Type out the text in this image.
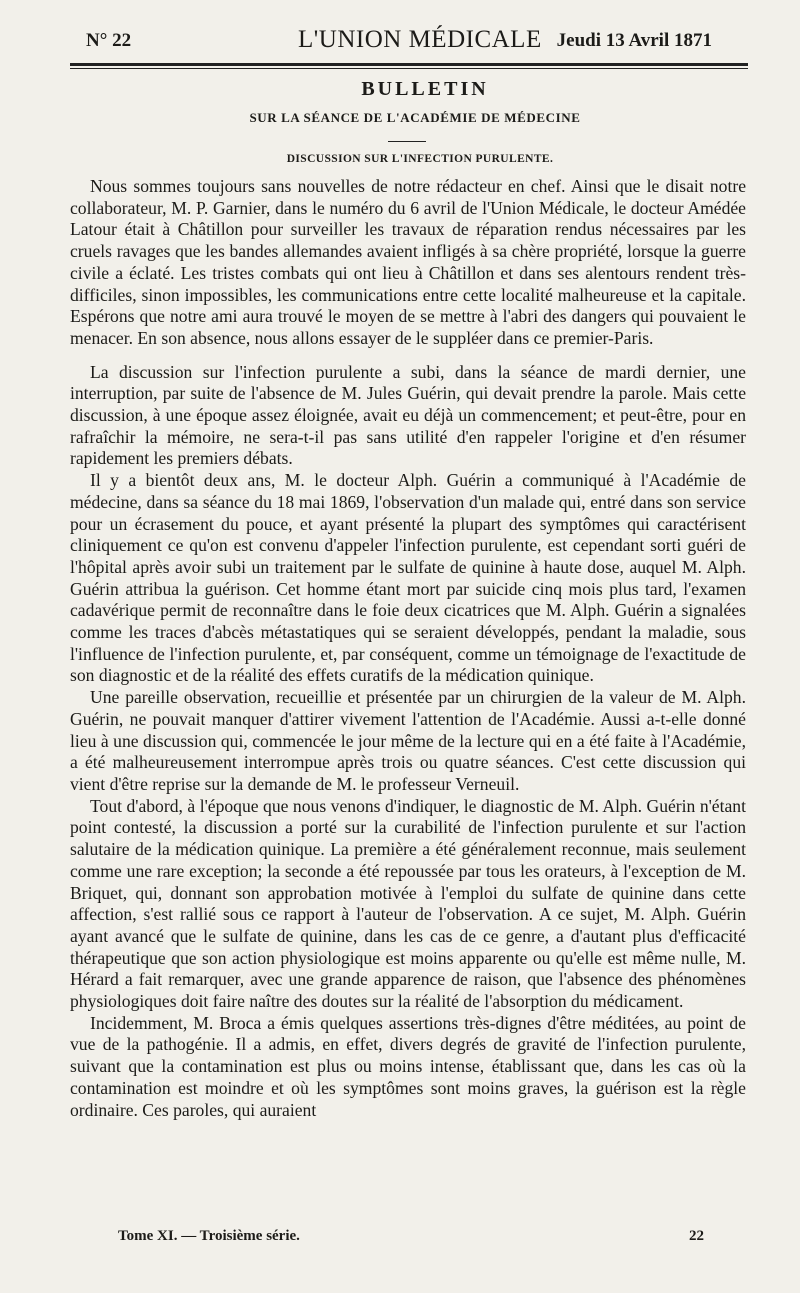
N° 22	L'UNION MÉDICALE Jeudi 13 Avril 1871
BULLETIN
SUR LA SÉANCE DE L'ACADÉMIE DE MÉDECINE
DISCUSSION SUR L'INFECTION PURULENTE.

Nous sommes toujours sans nouvelles de notre rédacteur en chef. Ainsi que le disait notre collaborateur, M. P. Garnier, dans le numéro du 6 avril de l'Union Médicale, le docteur Amédée Latour était à Châtillon pour surveiller les travaux de réparation rendus nécessaires par les cruels ravages que les bandes allemandes avaient infligés à sa chère propriété, lorsque la guerre civile a éclaté. Les tristes combats qui ont lieu à Châtillon et dans ses alentours rendent très-difficiles, sinon impossibles, les communications entre cette localité malheureuse et la capitale. Espérons que notre ami aura trouvé le moyen de se mettre à l'abri des dangers qui pouvaient le menacer. En son absence, nous allons essayer de le suppléer dans ce premier-Paris.

La discussion sur l'infection purulente a subi, dans la séance de mardi dernier, une interruption, par suite de l'absence de M. Jules Guérin, qui devait prendre la parole. Mais cette discussion, à une époque assez éloignée, avait eu déjà un commencement; et peut-être, pour en rafraîchir la mémoire, ne sera-t-il pas sans utilité d'en rappeler l'origine et d'en résumer rapidement les premiers débats.

Il y a bientôt deux ans, M. le docteur Alph. Guérin a communiqué à l'Académie de médecine, dans sa séance du 18 mai 1869, l'observation d'un malade qui, entré dans son service pour un écrasement du pouce, et ayant présenté la plupart des symptômes qui caractérisent cliniquement ce qu'on est convenu d'appeler l'infection purulente, est cependant sorti guéri de l'hôpital après avoir subi un traitement par le sulfate de quinine à haute dose, auquel M. Alph. Guérin attribua la guérison. Cet homme étant mort par suicide cinq mois plus tard, l'examen cadavérique permit de reconnaître dans le foie deux cicatrices que M. Alph. Guérin a signalées comme les traces d'abcès métastatiques qui se seraient développés, pendant la maladie, sous l'influence de l'infection purulente, et, par conséquent, comme un témoignage de l'exactitude de son diagnostic et de la réalité des effets curatifs de la médication quinique.

Une pareille observation, recueillie et présentée par un chirurgien de la valeur de M. Alph. Guérin, ne pouvait manquer d'attirer vivement l'attention de l'Académie. Aussi a-t-elle donné lieu à une discussion qui, commencée le jour même de la lecture qui en a été faite à l'Académie, a été malheureusement interrompue après trois ou quatre séances. C'est cette discussion qui vient d'être reprise sur la demande de M. le professeur Verneuil.

Tout d'abord, à l'époque que nous venons d'indiquer, le diagnostic de M. Alph. Guérin n'étant point contesté, la discussion a porté sur la curabilité de l'infection purulente et sur l'action salutaire de la médication quinique. La première a été généralement reconnue, mais seulement comme une rare exception; la seconde a été repoussée par tous les orateurs, à l'exception de M. Briquet, qui, donnant son approbation motivée à l'emploi du sulfate de quinine dans cette affection, s'est rallié sous ce rapport à l'auteur de l'observation. A ce sujet, M. Alph. Guérin ayant avancé que le sulfate de quinine, dans les cas de ce genre, a d'autant plus d'efficacité thérapeutique que son action physiologique est moins apparente ou qu'elle est même nulle, M. Hérard a fait remarquer, avec une grande apparence de raison, que l'absence des phénomènes physiologiques doit faire naître des doutes sur la réalité de l'absorption du médicament.

Incidemment, M. Broca a émis quelques assertions très-dignes d'être méditées, au point de vue de la pathogénie. Il a admis, en effet, divers degrés de gravité de l'infection purulente, suivant que la contamination est plus ou moins intense, établissant que, dans les cas où la contamination est moindre et où les symptômes sont moins graves, la guérison est la règle ordinaire. Ces paroles, qui auraient

Tome XI. — Troisième série.	22
